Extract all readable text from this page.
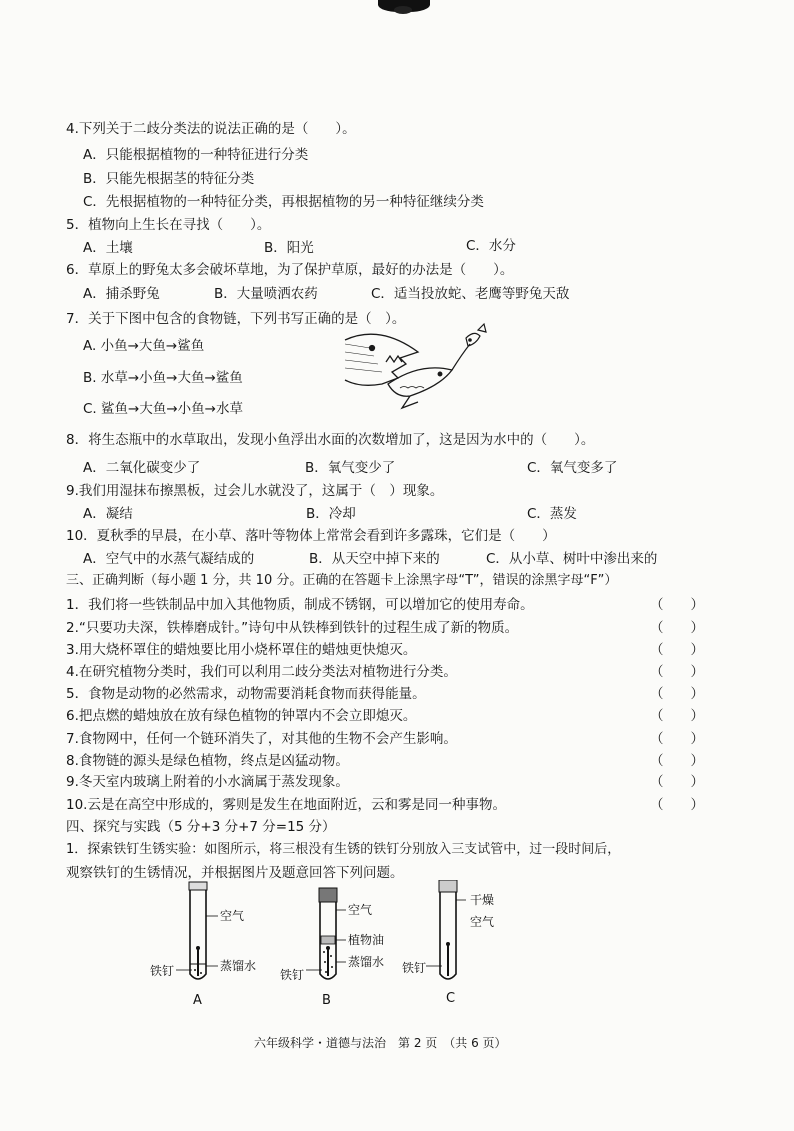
4.下列关于二歧分类法的说法正确的是（　　）。
A．只能根据植物的一种特征进行分类
B．只能先根据茎的特征分类
C．先根据植物的一种特征分类，再根据植物的另一种特征继续分类
5．植物向上生长在寻找（　　）。
A．土壤	B．阳光	C．水分
6．草原上的野兔太多会破坏草地，为了保护草原，最好的办法是（　　）。
A．捕杀野兔	B．大量喷洒农药	C．适当投放蛇、老鹰等野兔天敌
7．关于下图中包含的食物链，下列书写正确的是（　）。
A. 小鱼→大鱼→鲨鱼
B. 水草→小鱼→大鱼→鲨鱼
C. 鲨鱼→大鱼→小鱼→水草
8．将生态瓶中的水草取出，发现小鱼浮出水面的次数增加了，这是因为水中的（　　）。
A．二氧化碳变少了	B．氧气变少了	C．氧气变多了
9.我们用湿抹布擦黑板，过会儿水就没了，这属于（　）现象。
A．凝结	B．冷却	C．蒸发
10．夏秋季的早晨，在小草、落叶等物体上常常会看到许多露珠，它们是（　　）
A．空气中的水蒸气凝结成的	B．从天空中掉下来的	C．从小草、树叶中渗出来的
三、正确判断（每小题 1 分，共 10 分。正确的在答题卡上涂黑字母“T”，错误的涂黑字母“F”）
1．我们将一些铁制品中加入其他物质，制成不锈钢，可以增加它的使用寿命。	（　　）
2.“只要功夫深，铁棒磨成针。”诗句中从铁棒到铁针的过程生成了新的物质。	（　　）
3.用大烧杯罩住的蜡烛要比用小烧杯罩住的蜡烛更快熄灭。	（　　）
4.在研究植物分类时，我们可以利用二歧分类法对植物进行分类。	（　　）
5．食物是动物的必然需求，动物需要消耗食物而获得能量。	（　　）
6.把点燃的蜡烛放在放有绿色植物的钟罩内不会立即熄灭。	（　　）
7.食物网中，任何一个链环消失了，对其他的生物不会产生影响。	（　　）
8.食物链的源头是绿色植物，终点是凶猛动物。	（　　）
9.冬天室内玻璃上附着的小水滴属于蒸发现象。	（　　）
10.云是在高空中形成的，雾则是发生在地面附近，云和雾是同一种事物。	（　　）
四、探究与实践（5 分+3 分+7 分=15 分）
1．探索铁钉生锈实验：如图所示，将三根没有生锈的铁钉分别放入三支试管中，过一段时间后，
观察铁钉的生锈情况，并根据图片及题意回答下列问题。
空气
蒸馏水
铁钉
A
空气
植物油
蒸馏水
铁钉
B
干燥
空气
铁钉
C
六年级科学・道德与法治　第 2 页　（共 6 页）
